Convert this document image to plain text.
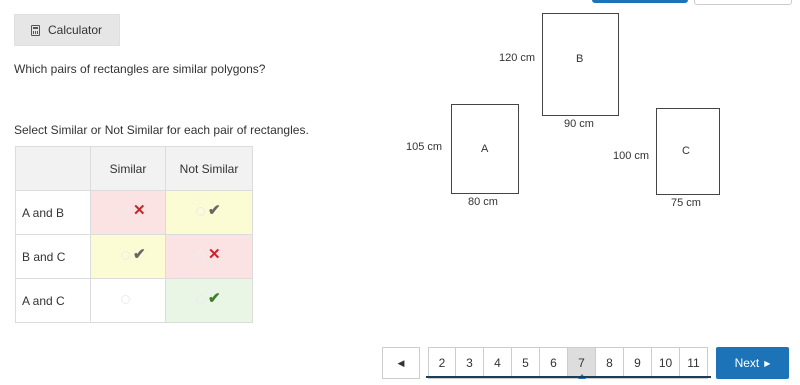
Calculator
Which pairs of rectangles are similar polygons?
Select Similar or Not Similar for each pair of rectangles.
	Similar	Not Similar
A and B	✕	✔

B and C	✔	✕

A and C		✔
A
105 cm
80 cm
B
120 cm
90 cm
C
100 cm
75 cm
◀	2	3	4	5	6	7	8	9	10	11	Next ▶
